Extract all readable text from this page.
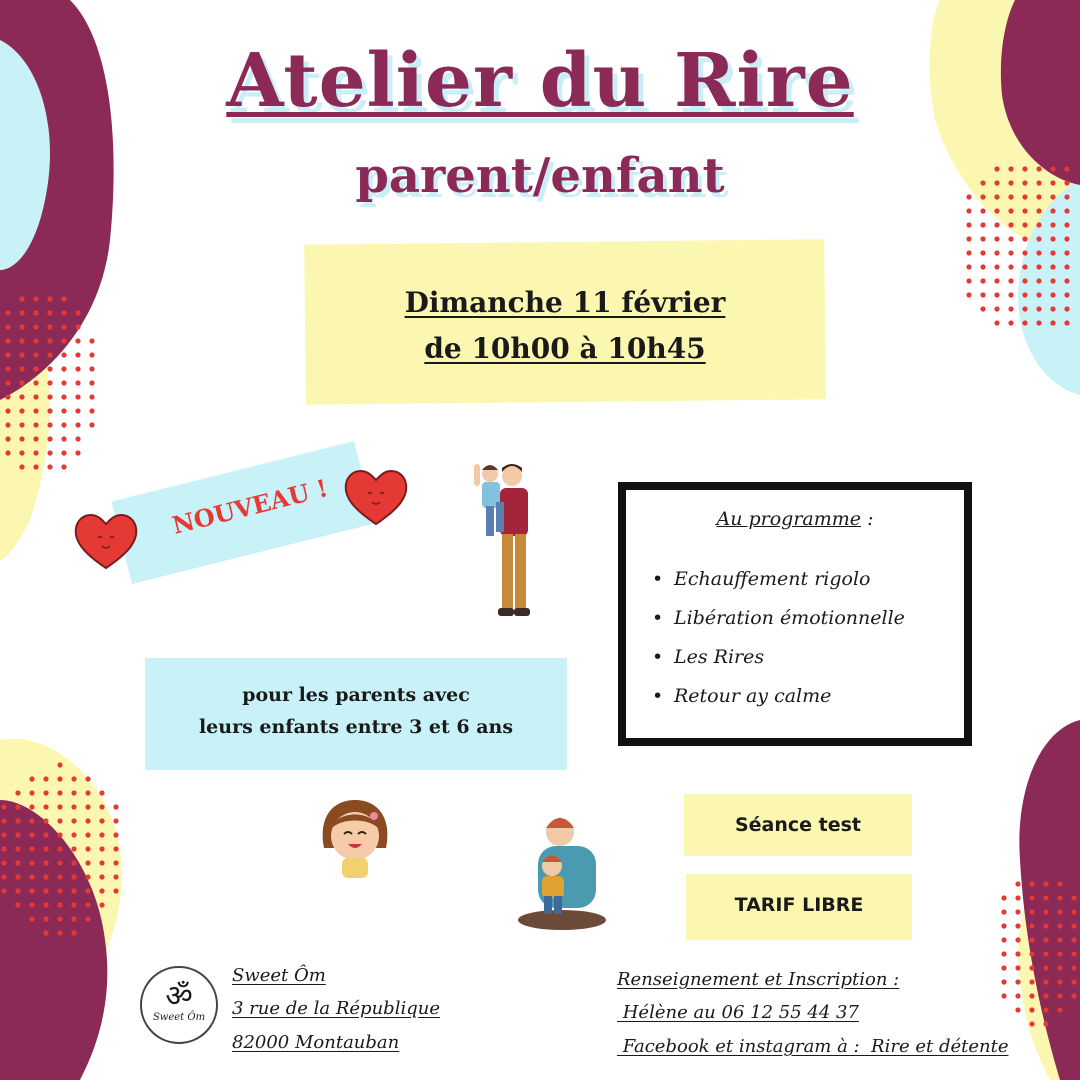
Atelier du Rire
parent/enfant
Dimanche 11 février
de 10h00 à 10h45
NOUVEAU !
pour les parents avec
leurs enfants entre 3 et 6 ans
Au programme :
• Echauffement rigolo
• Libération émotionnelle
• Les Rires
• Retour ay calme
Séance test
TARIF LIBRE
ॐ
Sweet Ôm
Sweet Ôm
3 rue de la République
82000 Montauban
Renseignement et Inscription :
Hélène au 06 12 55 44 37
Facebook et instagram à :  Rire et détente
